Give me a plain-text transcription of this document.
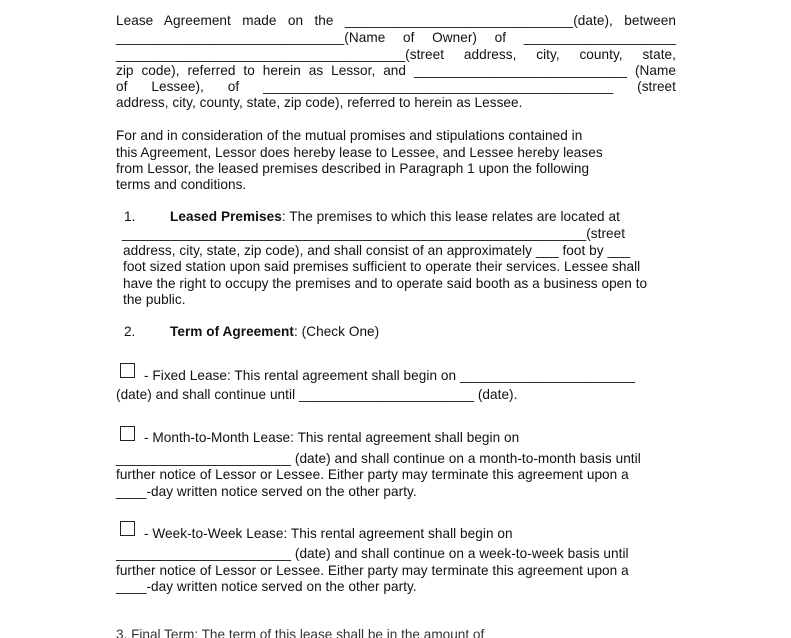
Lease Agreement made on the ______________________________(date), between

______________________________(Name of Owner) of ____________________

______________________________________(street address, city, county, state,

zip code), referred to herein as Lessor, and ____________________________ (Name

of Lessee), of ______________________________________________ (street

address, city, county, state, zip code), referred to herein as Lessee.

For and in consideration of the mutual promises and stipulations contained in

this Agreement, Lessor does hereby lease to Lessee, and Lessee hereby leases

from Lessor, the leased premises described in Paragraph 1 upon the following

terms and conditions.

1.	Leased Premises: The premises to which this lease relates are located at

_____________________________________________________________(street

address, city, state, zip code), and shall consist of an approximately ___ foot by ___

foot sized station upon said premises sufficient to operate their services. Lessee shall

have the right to occupy the premises and to operate said booth as a business open to

the public.

2.	Term of Agreement: (Check One)

- Fixed Lease: This rental agreement shall begin on _______________________

(date) and shall continue until _______________________ (date).

- Month-to-Month Lease: This rental agreement shall begin on

_______________________ (date) and shall continue on a month-to-month basis until

further notice of Lessor or Lessee. Either party may terminate this agreement upon a

____-day written notice served on the other party.

- Week-to-Week Lease: This rental agreement shall begin on

_______________________ (date) and shall continue on a week-to-week basis until

further notice of Lessor or Lessee. Either party may terminate this agreement upon a

____-day written notice served on the other party.

$_{3. Final Term: The term of this lease shall be in the amount of}$
